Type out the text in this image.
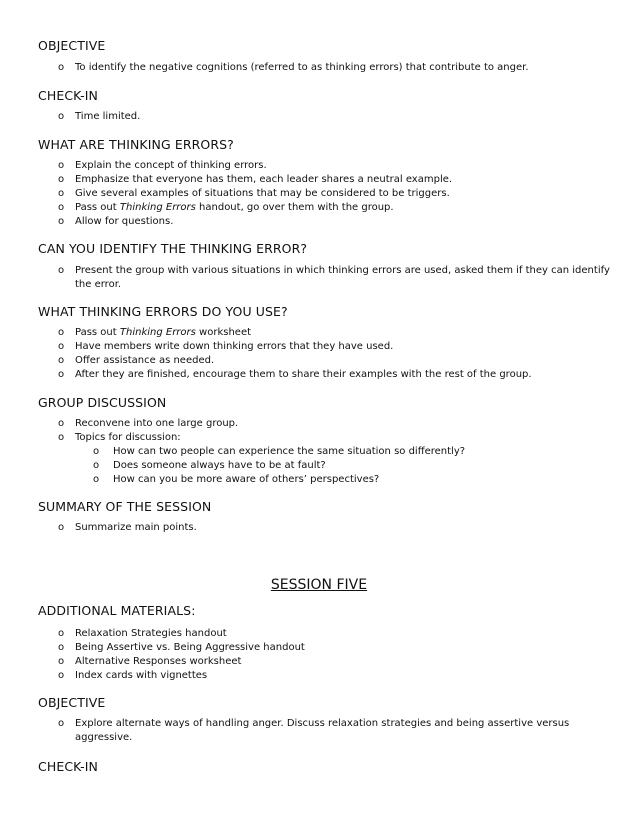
OBJECTIVE
o To identify the negative cognitions (referred to as thinking errors) that contribute to anger.
CHECK-IN
o Time limited.
WHAT ARE THINKING ERRORS?
o Explain the concept of thinking errors.
o Emphasize that everyone has them, each leader shares a neutral example.
o Give several examples of situations that may be considered to be triggers.
o Pass out Thinking Errors handout, go over them with the group.
o Allow for questions.
CAN YOU IDENTIFY THE THINKING ERROR?
o Present the group with various situations in which thinking errors are used, asked them if they can identify the error.
WHAT THINKING ERRORS DO YOU USE?
o Pass out Thinking Errors worksheet
o Have members write down thinking errors that they have used.
o Offer assistance as needed.
o After they are finished, encourage them to share their examples with the rest of the group.
GROUP DISCUSSION
o Reconvene into one large group.
o Topics for discussion:
o How can two people can experience the same situation so differently?
o Does someone always have to be at fault?
o How can you be more aware of others’ perspectives?
SUMMARY OF THE SESSION
o Summarize main points.
SESSION FIVE
ADDITIONAL MATERIALS:
o Relaxation Strategies handout
o Being Assertive vs. Being Aggressive handout
o Alternative Responses worksheet
o Index cards with vignettes
OBJECTIVE
o Explore alternate ways of handling anger. Discuss relaxation strategies and being assertive versus aggressive.
CHECK-IN
